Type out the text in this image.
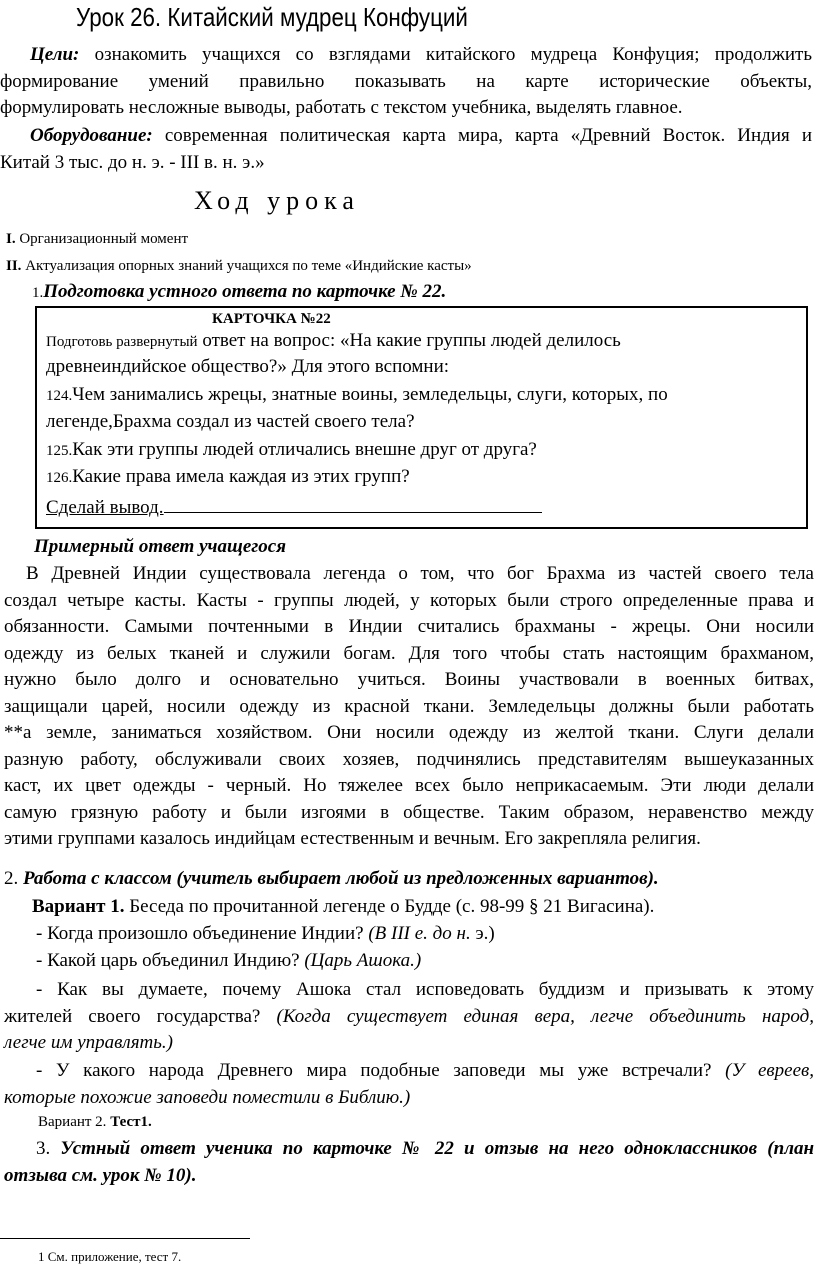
Урок 26. Китайский мудрец Конфуций
Цели: ознакомить учащихся со взглядами китайского мудреца Конфуция; продолжить
формирование умений правильно показывать на карте исторические объекты,
формулировать несложные выводы, работать с текстом учебника, выделять главное.
Оборудование: современная политическая карта мира, карта «Древний Восток. Индия и
Китай 3 тыс. до н. э. - III в. н. э.»
Ход урока
I. Организационный момент
II. Актуализация опорных знаний учащихся по теме «Индийские касты»
1.Подготовка устного ответа по карточке № 22.
КАРТОЧКА №22
Подготовь развернутый ответ на вопрос: «На какие группы людей делилось
древнеиндийское общество?» Для этого вспомни:
124.Чем занимались жрецы, знатные воины, земледельцы, слуги, которых, по
легенде,Брахма создал из частей своего тела?
125.Как эти группы людей отличались внешне друг от друга?
126.Какие права имела каждая из этих групп?
Сделай вывод.
Примерный ответ учащегося
В Древней Индии существовала легенда о том, что бог Брахма из частей своего тела
создал четыре касты. Касты - группы людей, у которых были строго определенные права и
обязанности. Самыми почтенными в Индии считались брахманы - жрецы. Они носили
одежду из белых тканей и служили богам. Для того чтобы стать настоящим брахманом,
нужно было долго и основательно учиться. Воины участвовали в военных битвах,
защищали царей, носили одежду из красной ткани. Земледельцы должны были работать
**а земле, заниматься хозяйством. Они носили одежду из желтой ткани. Слуги делали
разную работу, обслуживали своих хозяев, подчинялись представителям вышеуказанных
каст, их цвет одежды - черный. Но тяжелее всех было неприкасаемым. Эти люди делали
самую грязную работу и были изгоями в обществе. Таким образом, неравенство между
этими группами казалось индийцам естественным и вечным. Его закрепляла религия.
2. Работа с классом (учитель выбирает любой из предложенных вариантов).
Вариант 1. Беседа по прочитанной легенде о Будде (с. 98-99 § 21 Вигасина).
- Когда произошло объединение Индии? (В III е. до н. э.)
- Какой царь объединил Индию? (Царь Ашока.)
- Как вы думаете, почему Ашока стал исповедовать буддизм и призывать к этому
жителей своего государства? (Когда существует единая вера, легче объединить народ,
легче им управлять.)
- У какого народа Древнего мира подобные заповеди мы уже встречали? (У евреев,
которые похожие заповеди поместили в Библию.)
Вариант 2. Тест1.
3. Устный ответ ученика по карточке № 22 и отзыв на него одноклассников (план
отзыва см. урок № 10).
1 См. приложение, тест 7.
